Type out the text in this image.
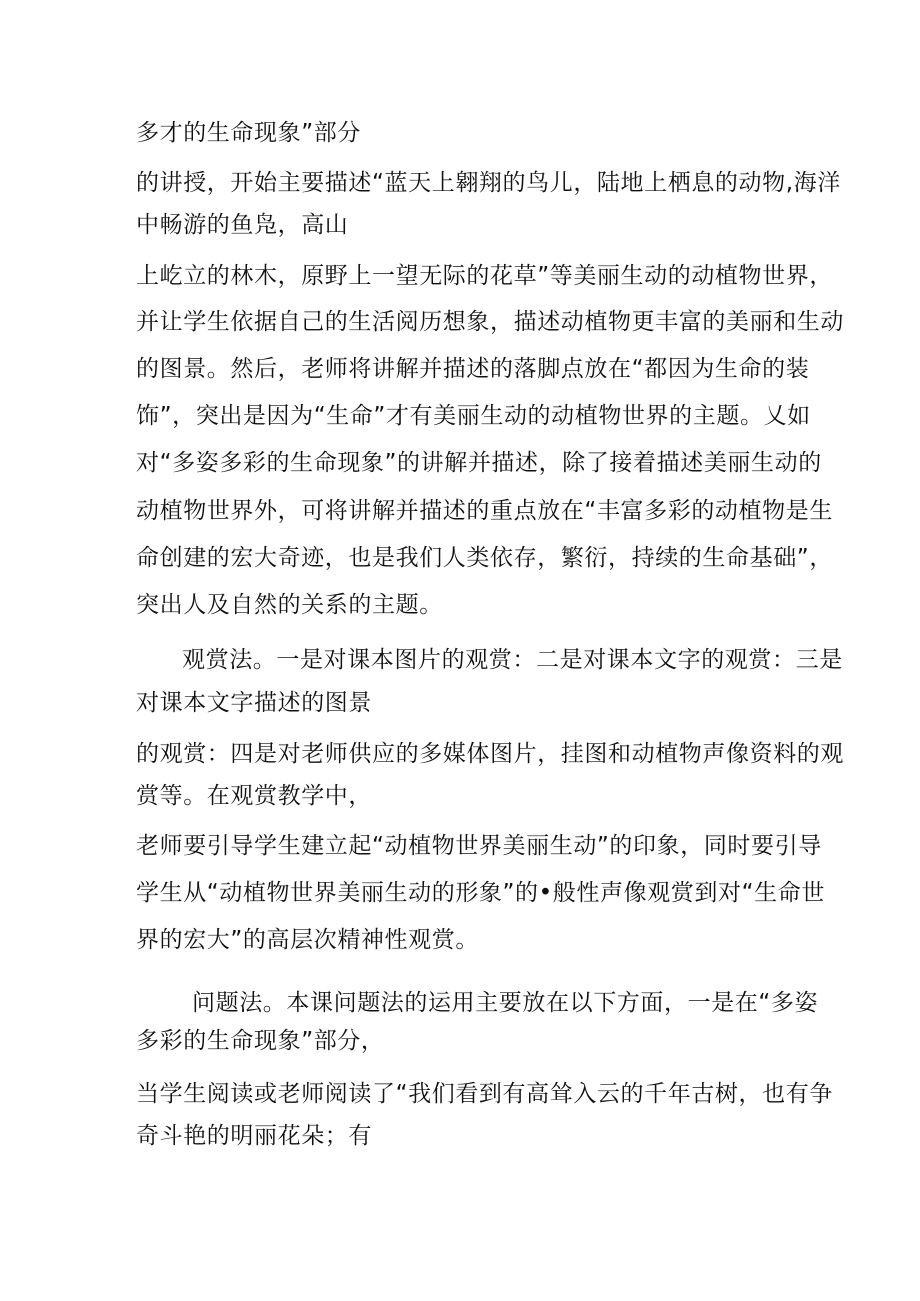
多才的生命现象”部分
的讲授，开始主要描述“蓝天上翱翔的鸟儿，陆地上栖息的动物,海洋
中畅游的鱼凫，高山
上屹立的林木，原野上一望无际的花草”等美丽生动的动植物世界，
并让学生依据自己的生活阅历想象，描述动植物更丰富的美丽和生动
的图景。然后，老师将讲解并描述的落脚点放在“都因为生命的装
饰”，突出是因为“生命”才有美丽生动的动植物世界的主题。乂如
对“多姿多彩的生命现象”的讲解并描述，除了接着描述美丽生动的
动植物世界外，可将讲解并描述的重点放在“丰富多彩的动植物是生
命创建的宏大奇迹，也是我们人类依存，繁衍，持续的生命基础”，
突出人及自然的关系的主题。
观赏法。一是对课本图片的观赏：二是对课本文字的观赏：三是
对课本文字描述的图景
的观赏：四是对老师供应的多媒体图片，挂图和动植物声像资料的观
赏等。在观赏教学中，
老师要引导学生建立起“动植物世界美丽生动”的印象，同时要引导
学生从“动植物世界美丽生动的形象”的•般性声像观赏到对“生命世
界的宏大”的高层次精神性观赏。
问题法。本课问题法的运用主要放在以下方面，一是在“多姿
多彩的生命现象”部分，
当学生阅读或老师阅读了“我们看到有高耸入云的千年古树，也有争
奇斗艳的明丽花朵；有
